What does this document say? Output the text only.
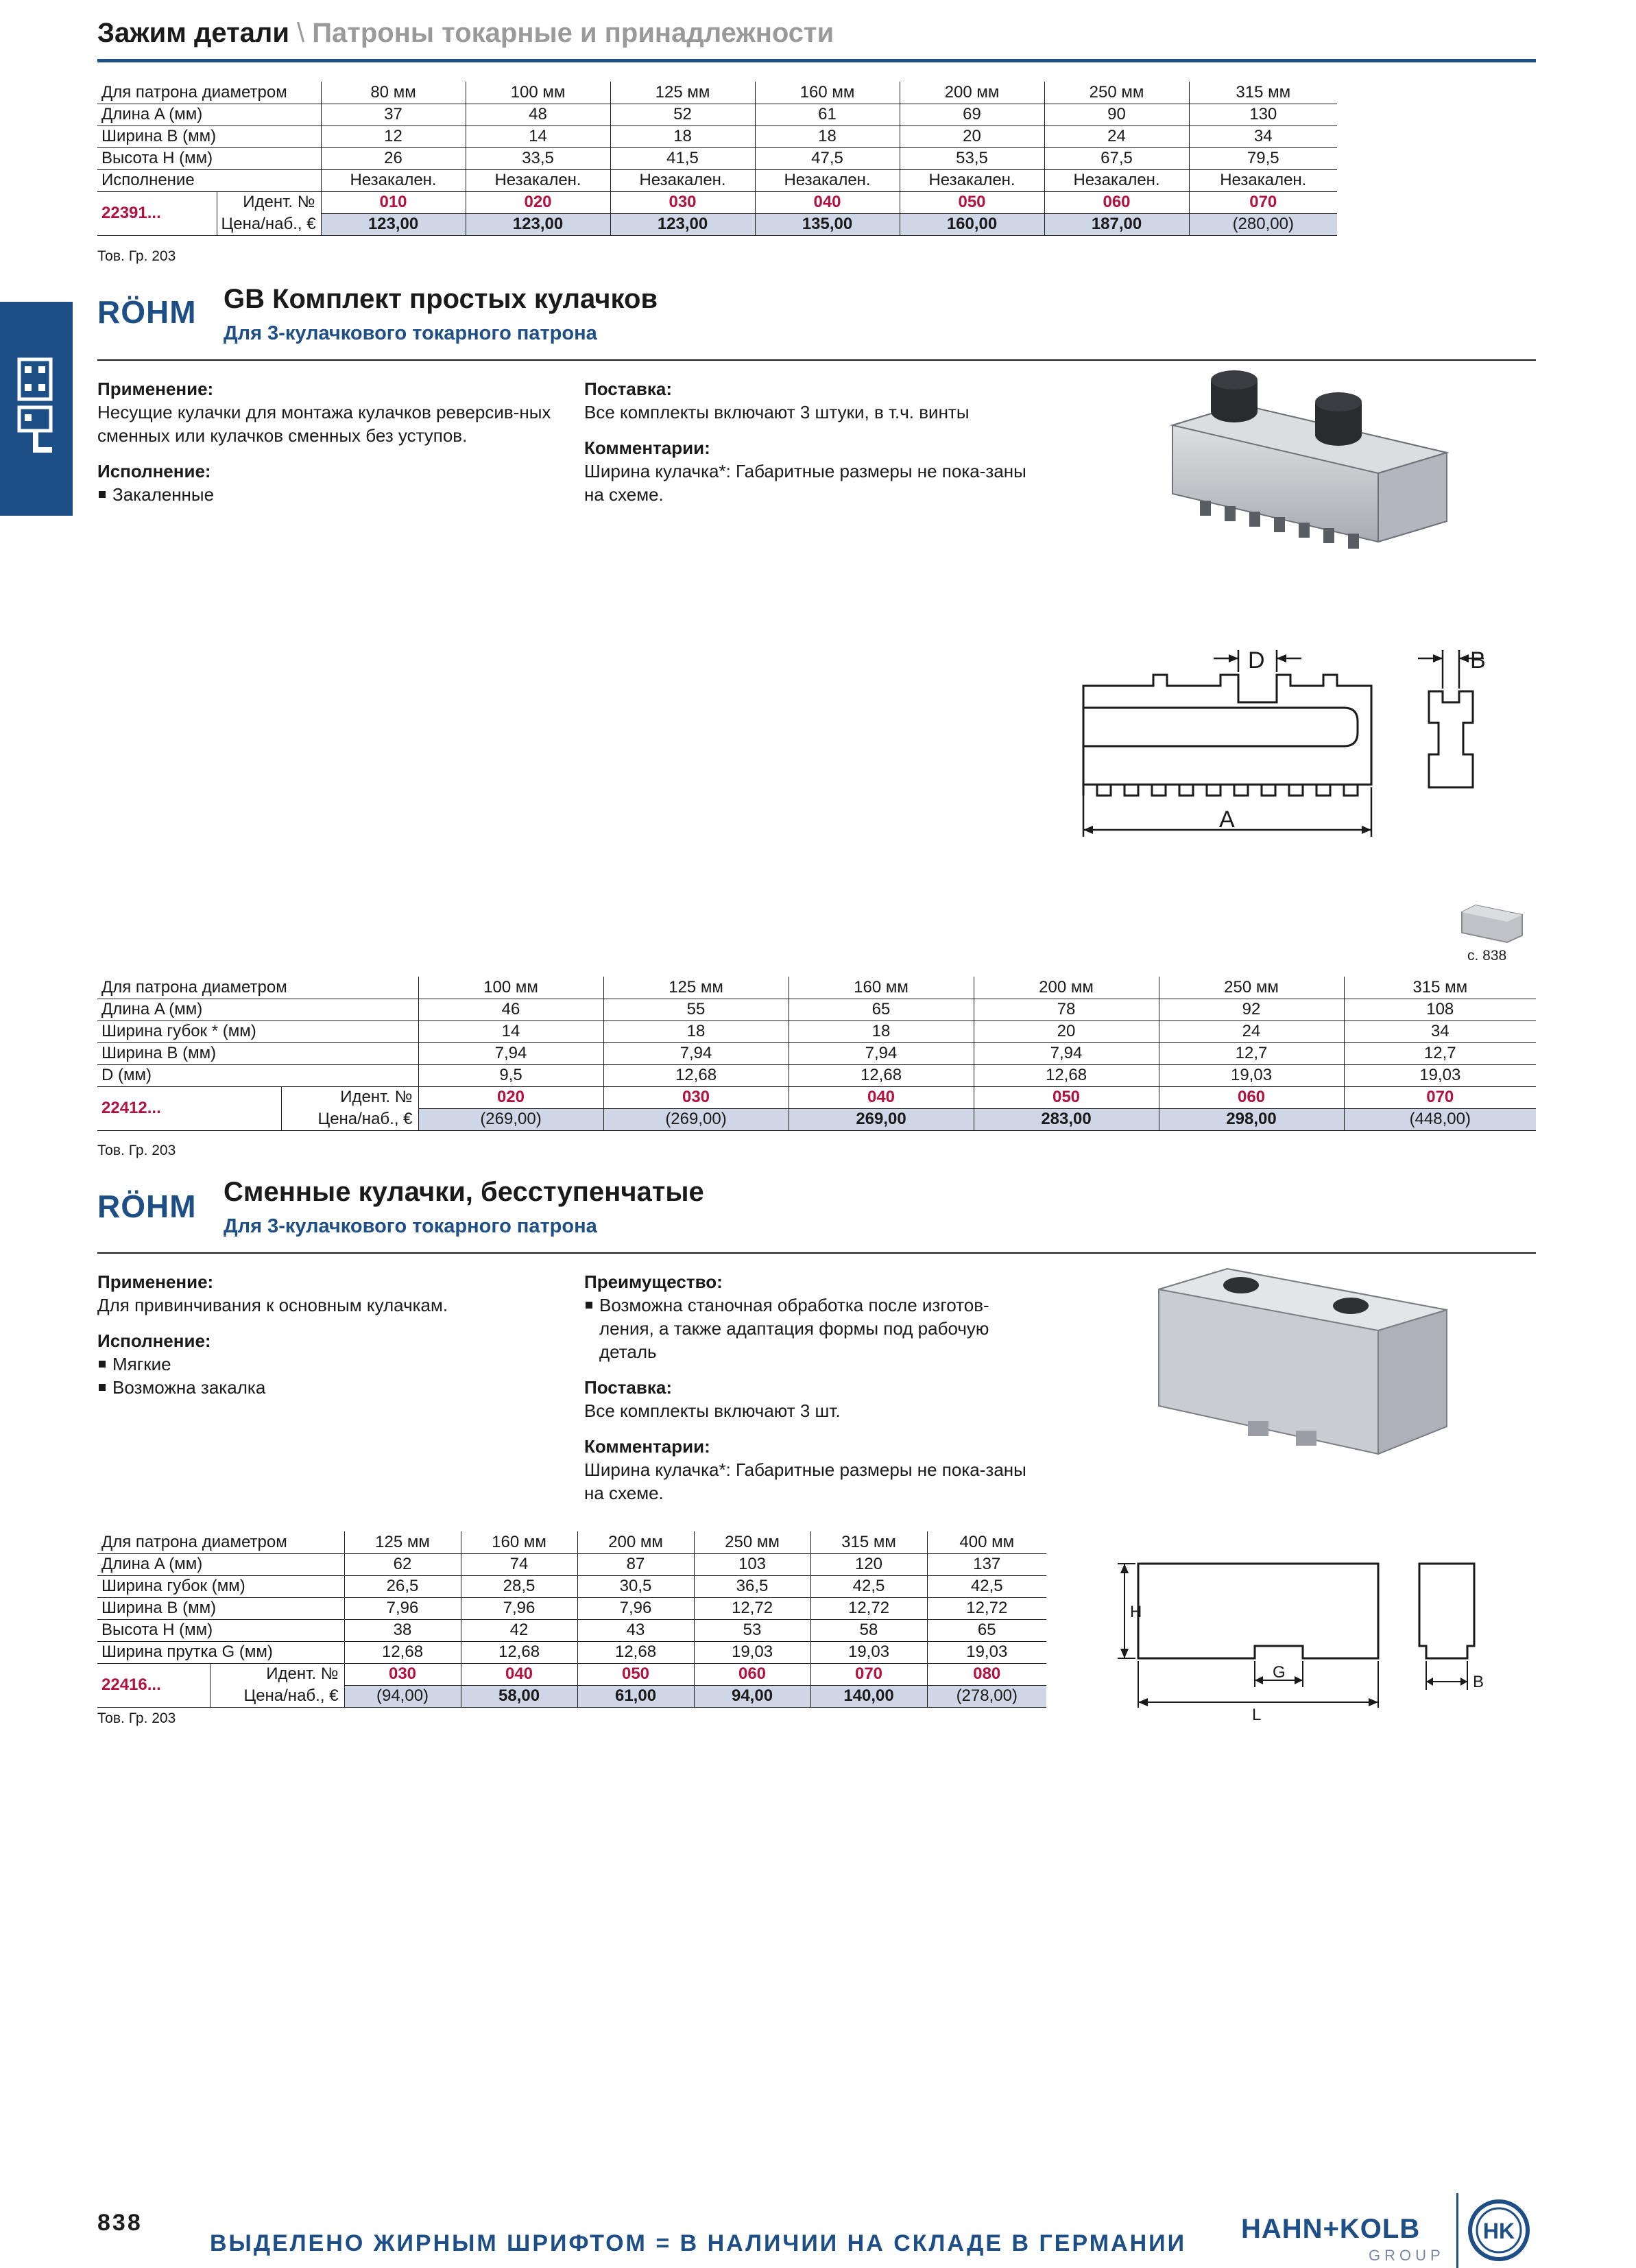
Зажим детали \ Патроны токарные и принадлежности
Для патрона диаметром		80 мм	100 мм	125 мм	160 мм	200 мм	250 мм	315 мм
Длина A (мм)		37	48	52	61	69	90	130
Ширина B (мм)		12	14	18	18	20	24	34
Высота H (мм)		26	33,5	41,5	47,5	53,5	67,5	79,5
Исполнение		Незакален.	Незакален.	Незакален.	Незакален.	Незакален.	Незакален.	Незакален.
22391...	Идент. №	010	020	030	040	050	060	070
	Цена/наб., €	123,00	123,00	123,00	135,00	160,00	187,00	(280,00)
Тов. Гр. 203
RÖHM GB Комплект простых кулачков
Для 3-кулачкового токарного патрона
Применение:
Несущие кулачки для монтажа кулачков реверсив-ных сменных или кулачков сменных без уступов.
Исполнение:
Закаленные
Поставка:
Все комплекты включают 3 штуки, в т.ч. винты
Комментарии:
Ширина кулачка*: Габаритные размеры не пока-заны на схеме.
D	B
A
с. 838
Для патрона диаметром		100 мм	125 мм	160 мм	200 мм	250 мм	315 мм
Длина A (мм)		46	55	65	78	92	108
Ширина губок * (мм)		14	18	18	20	24	34
Ширина B (мм)		7,94	7,94	7,94	7,94	12,7	12,7
D (мм)		9,5	12,68	12,68	12,68	19,03	19,03
22412...	Идент. №	020	030	040	050	060	070
	Цена/наб., €	(269,00)	(269,00)	269,00	283,00	298,00	(448,00)
Тов. Гр. 203
RÖHM Сменные кулачки, бесступенчатые
Для 3-кулачкового токарного патрона
Применение:
Для привинчивания к основным кулачкам.
Исполнение:
Мягкие
Возможна закалка
Преимущество:
Возможна станочная обработка после изготов-ления, а также адаптация формы под рабочую деталь
Поставка:
Все комплекты включают 3 шт.
Комментарии:
Ширина кулачка*: Габаритные размеры не пока-заны на схеме.
H
G
L
B
Для патрона диаметром		125 мм	160 мм	200 мм	250 мм	315 мм	400 мм
Длина A (мм)		62	74	87	103	120	137
Ширина губок (мм)		26,5	28,5	30,5	36,5	42,5	42,5
Ширина B (мм)		7,96	7,96	7,96	12,72	12,72	12,72
Высота H (мм)		38	42	43	53	58	65
Ширина прутка G (мм)		12,68	12,68	12,68	19,03	19,03	19,03
22416...	Идент. №	030	040	050	060	070	080
	Цена/наб., €	(94,00)	58,00	61,00	94,00	140,00	(278,00)
Тов. Гр. 203
838
ВЫДЕЛЕНО ЖИРНЫМ ШРИФТОМ = В НАЛИЧИИ НА СКЛАДЕ В ГЕРМАНИИ HAHN+KOLB
GROUP
HK
